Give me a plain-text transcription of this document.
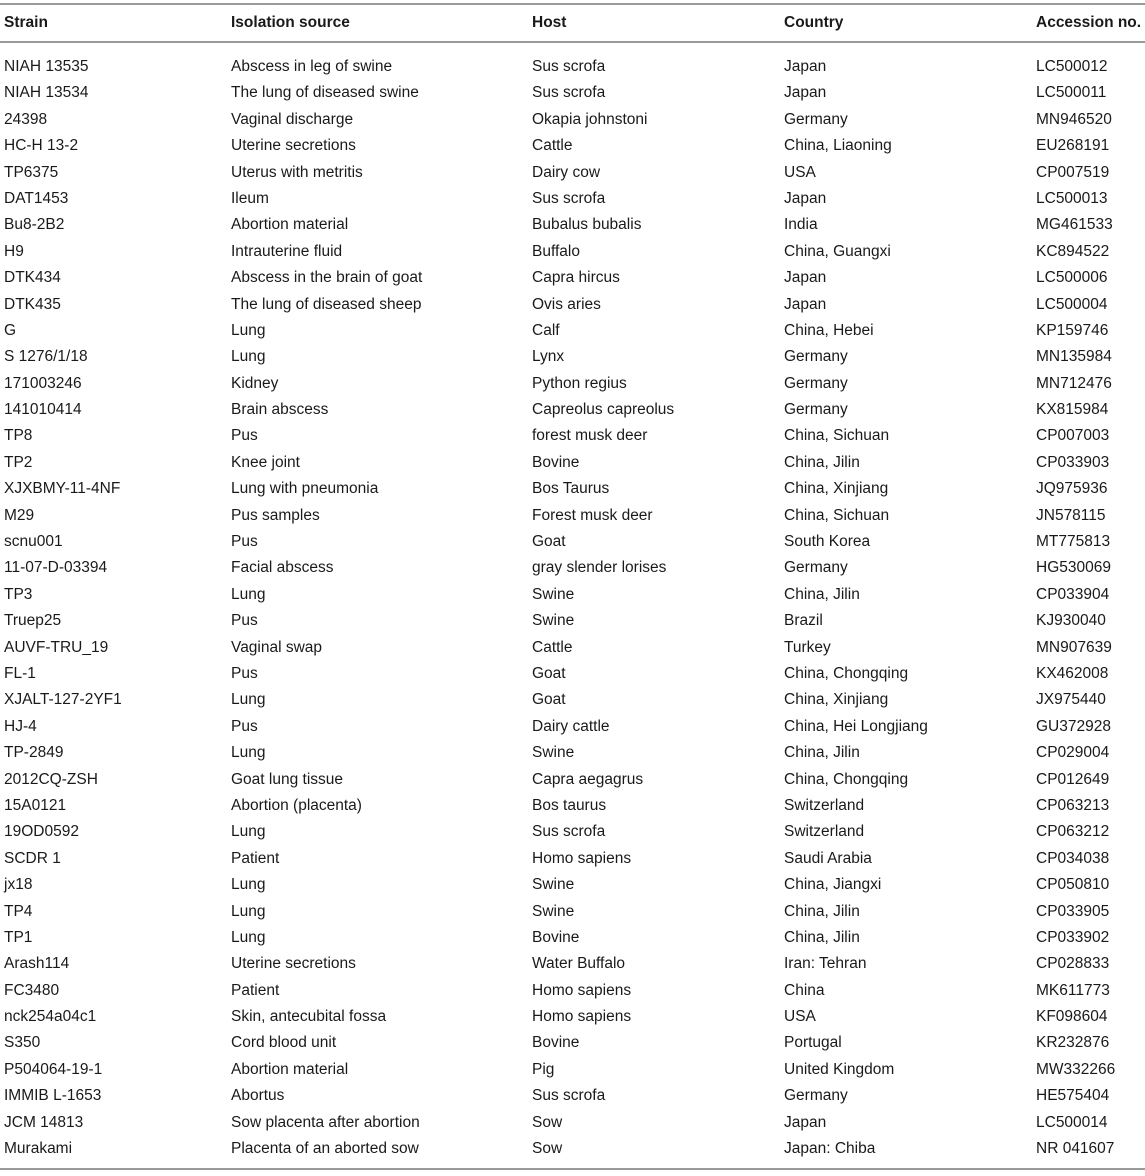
Strain	Isolation source	Host	Country	Accession no.
NIAH 13535	Abscess in leg of swine	Sus scrofa	Japan	LC500012
NIAH 13534	The lung of diseased swine	Sus scrofa	Japan	LC500011
24398	Vaginal discharge	Okapia johnstoni	Germany	MN946520
HC-H 13-2	Uterine secretions	Cattle	China, Liaoning	EU268191
TP6375	Uterus with metritis	Dairy cow	USA	CP007519
DAT1453	Ileum	Sus scrofa	Japan	LC500013
Bu8-2B2	Abortion material	Bubalus bubalis	India	MG461533
H9	Intrauterine fluid	Buffalo	China, Guangxi	KC894522
DTK434	Abscess in the brain of goat	Capra hircus	Japan	LC500006
DTK435	The lung of diseased sheep	Ovis aries	Japan	LC500004
G	Lung	Calf	China, Hebei	KP159746
S 1276/1/18	Lung	Lynx	Germany	MN135984
171003246	Kidney	Python regius	Germany	MN712476
141010414	Brain abscess	Capreolus capreolus	Germany	KX815984
TP8	Pus	forest musk deer	China, Sichuan	CP007003
TP2	Knee joint	Bovine	China, Jilin	CP033903
XJXBMY-11-4NF	Lung with pneumonia	Bos Taurus	China, Xinjiang	JQ975936
M29	Pus samples	Forest musk deer	China, Sichuan	JN578115
scnu001	Pus	Goat	South Korea	MT775813
11-07-D-03394	Facial abscess	gray slender lorises	Germany	HG530069
TP3	Lung	Swine	China, Jilin	CP033904
Truep25	Pus	Swine	Brazil	KJ930040
AUVF-TRU_19	Vaginal swap	Cattle	Turkey	MN907639
FL-1	Pus	Goat	China, Chongqing	KX462008
XJALT-127-2YF1	Lung	Goat	China, Xinjiang	JX975440
HJ-4	Pus	Dairy cattle	China, Hei Longjiang	GU372928
TP-2849	Lung	Swine	China, Jilin	CP029004
2012CQ-ZSH	Goat lung tissue	Capra aegagrus	China, Chongqing	CP012649
15A0121	Abortion (placenta)	Bos taurus	Switzerland	CP063213
19OD0592	Lung	Sus scrofa	Switzerland	CP063212
SCDR 1	Patient	Homo sapiens	Saudi Arabia	CP034038
jx18	Lung	Swine	China, Jiangxi	CP050810
TP4	Lung	Swine	China, Jilin	CP033905
TP1	Lung	Bovine	China, Jilin	CP033902
Arash114	Uterine secretions	Water Buffalo	Iran: Tehran	CP028833
FC3480	Patient	Homo sapiens	China	MK611773
nck254a04c1	Skin, antecubital fossa	Homo sapiens	USA	KF098604
S350	Cord blood unit	Bovine	Portugal	KR232876
P504064-19-1	Abortion material	Pig	United Kingdom	MW332266
IMMIB L-1653	Abortus	Sus scrofa	Germany	HE575404
JCM 14813	Sow placenta after abortion	Sow	Japan	LC500014
Murakami	Placenta of an aborted sow	Sow	Japan: Chiba	NR 041607
